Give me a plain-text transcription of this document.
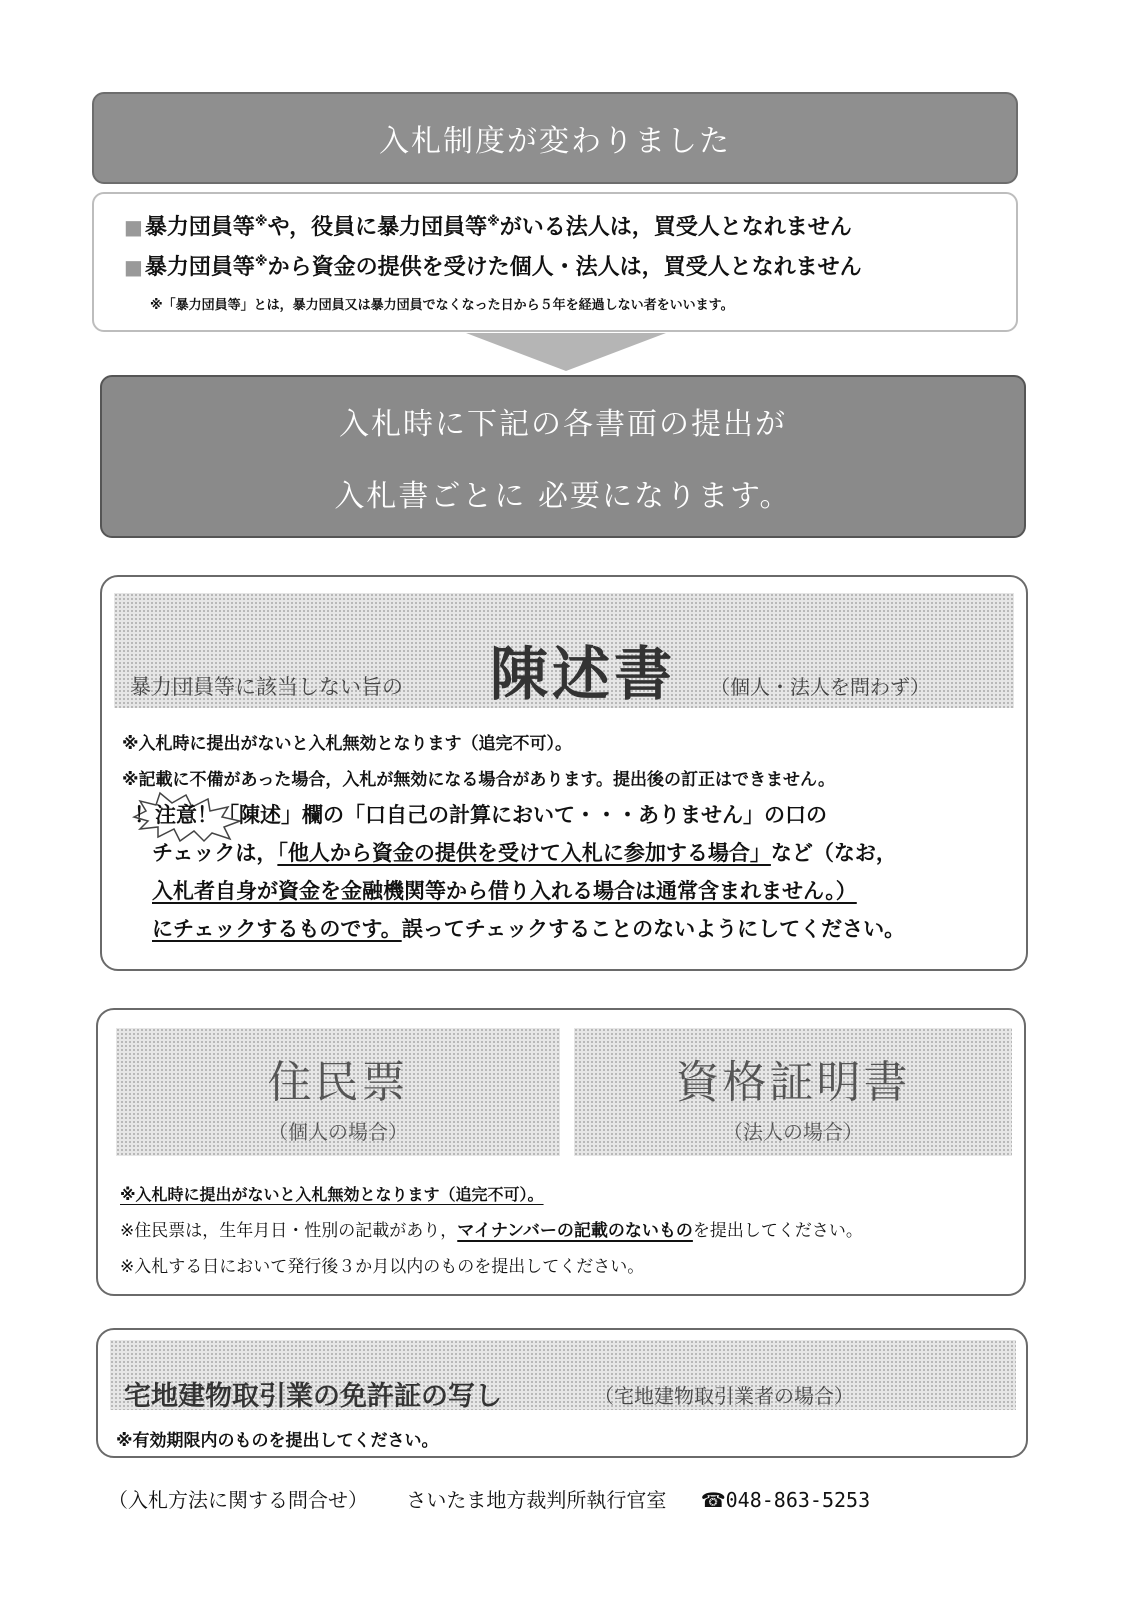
入札制度が変わりました
■暴力団員等※や，役員に暴力団員等※がいる法人は，買受人となれません
■暴力団員等※から資金の提供を受けた個人・法人は，買受人となれません
※「暴力団員等」とは，暴力団員又は暴力団員でなくなった日から５年を経過しない者をいいます。
入札時に下記の各書面の提出が
入札書ごとに 必要になります。
暴力団員等に該当しない旨の 陳述書 （個人・法人を問わず）
※入札時に提出がないと入札無効となります（追完不可）。
※記載に不備があった場合，入札が無効になる場合があります。提出後の訂正はできません。
！注意！「陳述」欄の「口自己の計算において・・・ありません」の口の
チェックは，「他人から資金の提供を受けて入札に参加する場合」など（なお，
入札者自身が資金を金融機関等から借り入れる場合は通常含まれません。）
にチェックするものです。誤ってチェックすることのないようにしてください。
住民票
（個人の場合）
資格証明書
（法人の場合）
※入札時に提出がないと入札無効となります（追完不可）。
※住民票は，生年月日・性別の記載があり，マイナンバーの記載のないものを提出してください。
※入札する日において発行後３か月以内のものを提出してください。
宅地建物取引業の免許証の写し	（宅地建物取引業者の場合）
※有効期限内のものを提出してください。
（入札方法に関する問合せ） さいたま地方裁判所執行官室 ☎048-863-5253
